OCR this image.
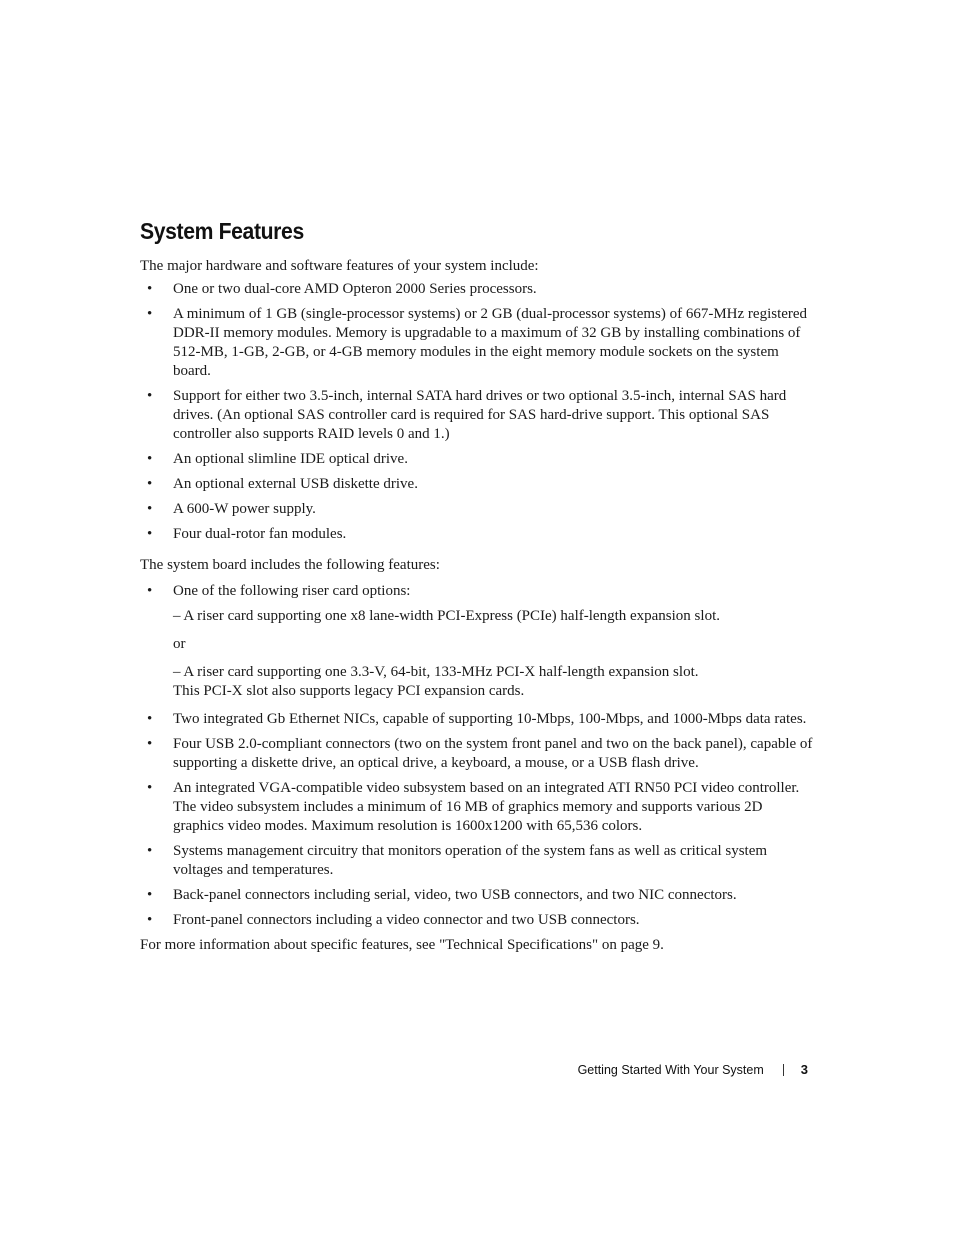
System Features

The major hardware and software features of your system include:

• One or two dual-core AMD Opteron 2000 Series processors.
• A minimum of 1 GB (single-processor systems) or 2 GB (dual-processor systems) of 667-MHz registered DDR-II memory modules. Memory is upgradable to a maximum of 32 GB by installing combinations of 512-MB, 1-GB, 2-GB, or 4-GB memory modules in the eight memory module sockets on the system board.
• Support for either two 3.5-inch, internal SATA hard drives or two optional 3.5-inch, internal SAS hard drives. (An optional SAS controller card is required for SAS hard-drive support. This optional SAS controller also supports RAID levels 0 and 1.)
• An optional slimline IDE optical drive.
• An optional external USB diskette drive.
• A 600-W power supply.
• Four dual-rotor fan modules.

The system board includes the following features:

• One of the following riser card options:
– A riser card supporting one x8 lane-width PCI-Express (PCIe) half-length expansion slot.
or
– A riser card supporting one 3.3-V, 64-bit, 133-MHz PCI-X half-length expansion slot.
This PCI-X slot also supports legacy PCI expansion cards.
• Two integrated Gb Ethernet NICs, capable of supporting 10-Mbps, 100-Mbps, and 1000-Mbps data rates.
• Four USB 2.0-compliant connectors (two on the system front panel and two on the back panel), capable of supporting a diskette drive, an optical drive, a keyboard, a mouse, or a USB flash drive.
• An integrated VGA-compatible video subsystem based on an integrated ATI RN50 PCI video controller. The video subsystem includes a minimum of 16 MB of graphics memory and supports various 2D graphics video modes. Maximum resolution is 1600x1200 with 65,536 colors.
• Systems management circuitry that monitors operation of the system fans as well as critical system voltages and temperatures.
• Back-panel connectors including serial, video, two USB connectors, and two NIC connectors.
• Front-panel connectors including a video connector and two USB connectors.

For more information about specific features, see "Technical Specifications" on page 9.

Getting Started With Your System	3
